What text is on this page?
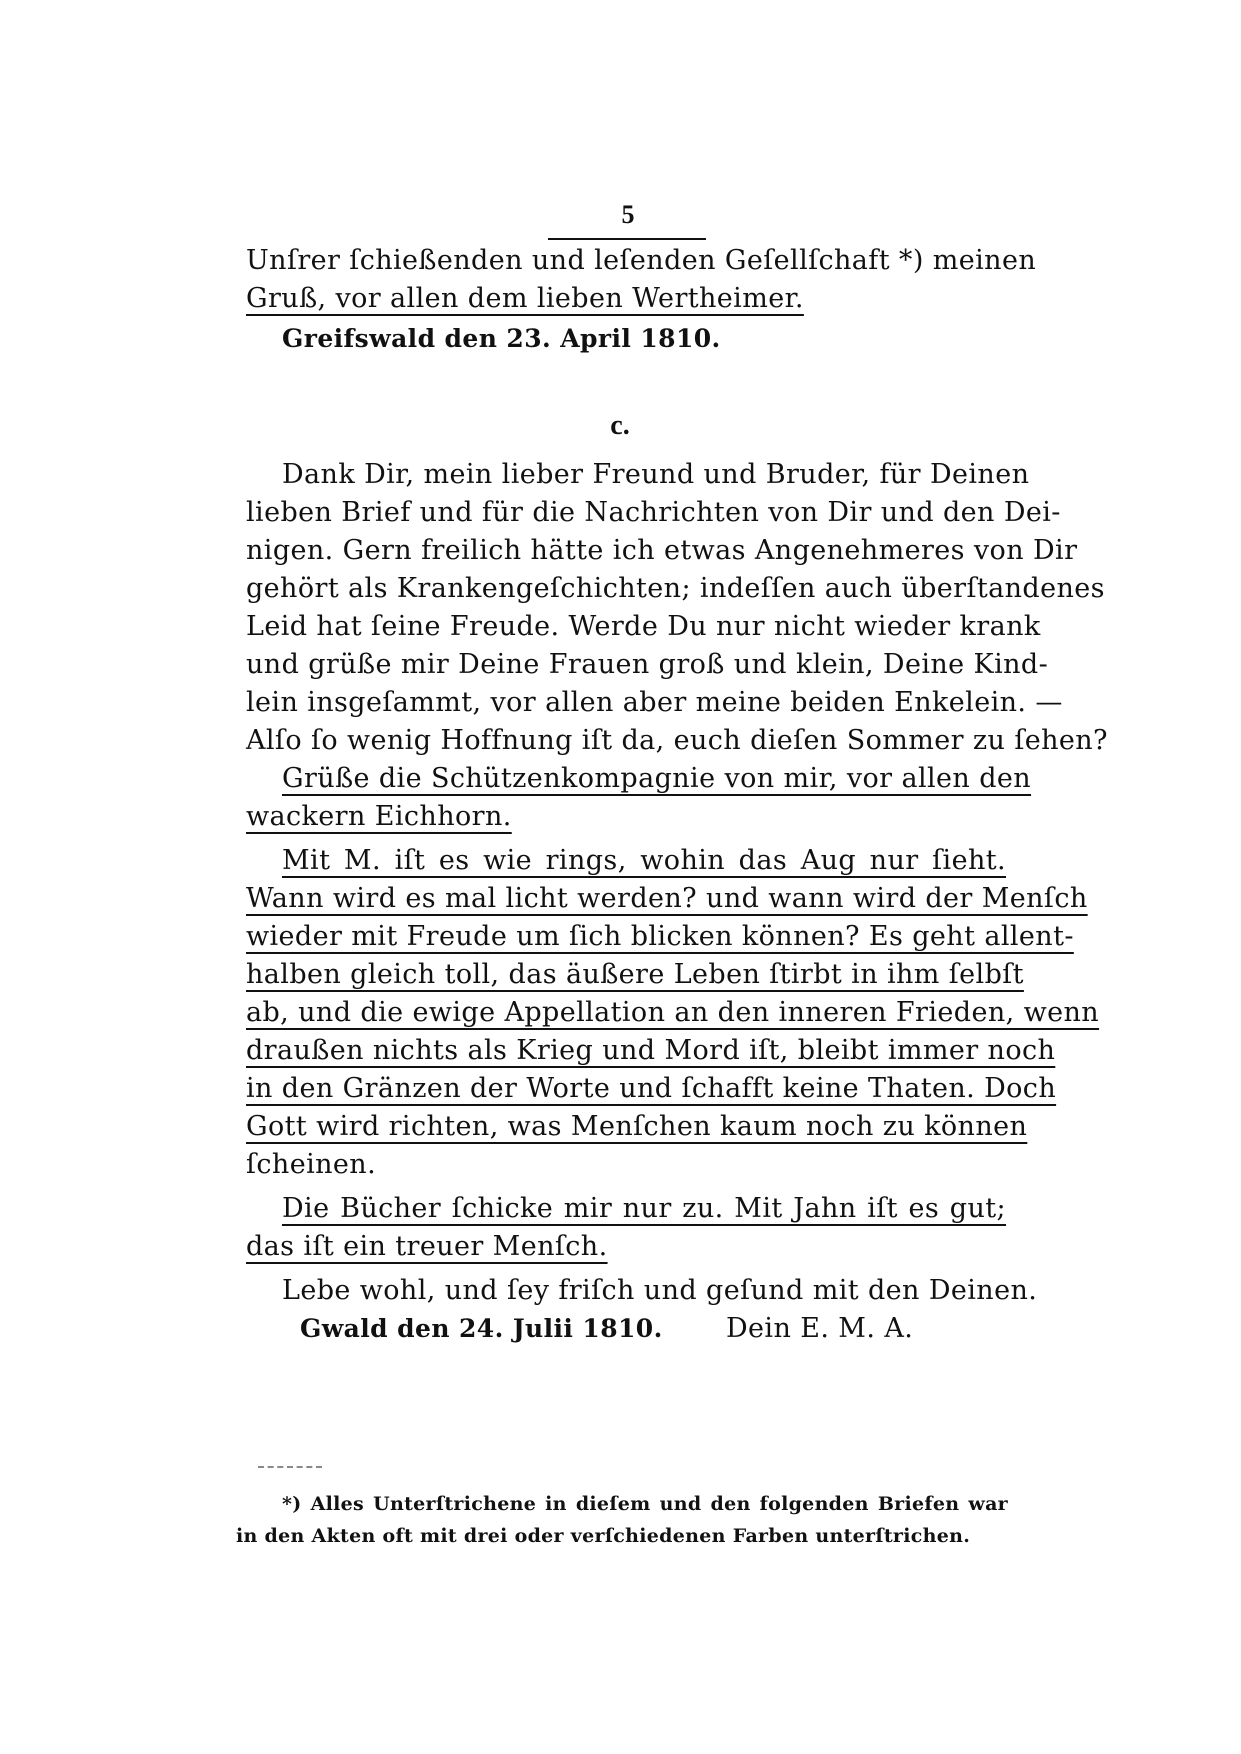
5
Unſrer ſchießenden und leſenden Geſellſchaft *) meinen
Gruß, vor allen dem lieben Wertheimer.
Greifswald den 23. April 1810.
c.
Dank Dir, mein lieber Freund und Bruder, für Deinen
lieben Brief und für die Nachrichten von Dir und den Dei-
nigen. Gern freilich hätte ich etwas Angenehmeres von Dir
gehört als Krankengeſchichten; indeſſen auch überſtandenes
Leid hat ſeine Freude. Werde Du nur nicht wieder krank
und grüße mir Deine Frauen groß und klein, Deine Kind-
lein insgeſammt, vor allen aber meine beiden Enkelein. —
Alſo ſo wenig Hoffnung iſt da, euch dieſen Sommer zu ſehen?
Grüße die Schützenkompagnie von mir, vor allen den
wackern Eichhorn.
Mit M. iſt es wie rings, wohin das Aug nur ſieht.
Wann wird es mal licht werden? und wann wird der Menſch
wieder mit Freude um ſich blicken können? Es geht allent-
halben gleich toll, das äußere Leben ſtirbt in ihm ſelbſt
ab, und die ewige Appellation an den inneren Frieden, wenn
draußen nichts als Krieg und Mord iſt, bleibt immer noch
in den Gränzen der Worte und ſchafft keine Thaten. Doch
Gott wird richten, was Menſchen kaum noch zu können
ſcheinen.
Die Bücher ſchicke mir nur zu. Mit Jahn iſt es gut;
das iſt ein treuer Menſch.
Lebe wohl, und ſey friſch und geſund mit den Deinen.
Gwald den 24. Julii 1810. Dein E. M. A.
*) Alles Unterſtrichene in dieſem und den folgenden Briefen war
in den Akten oft mit drei oder verſchiedenen Farben unterſtrichen.
